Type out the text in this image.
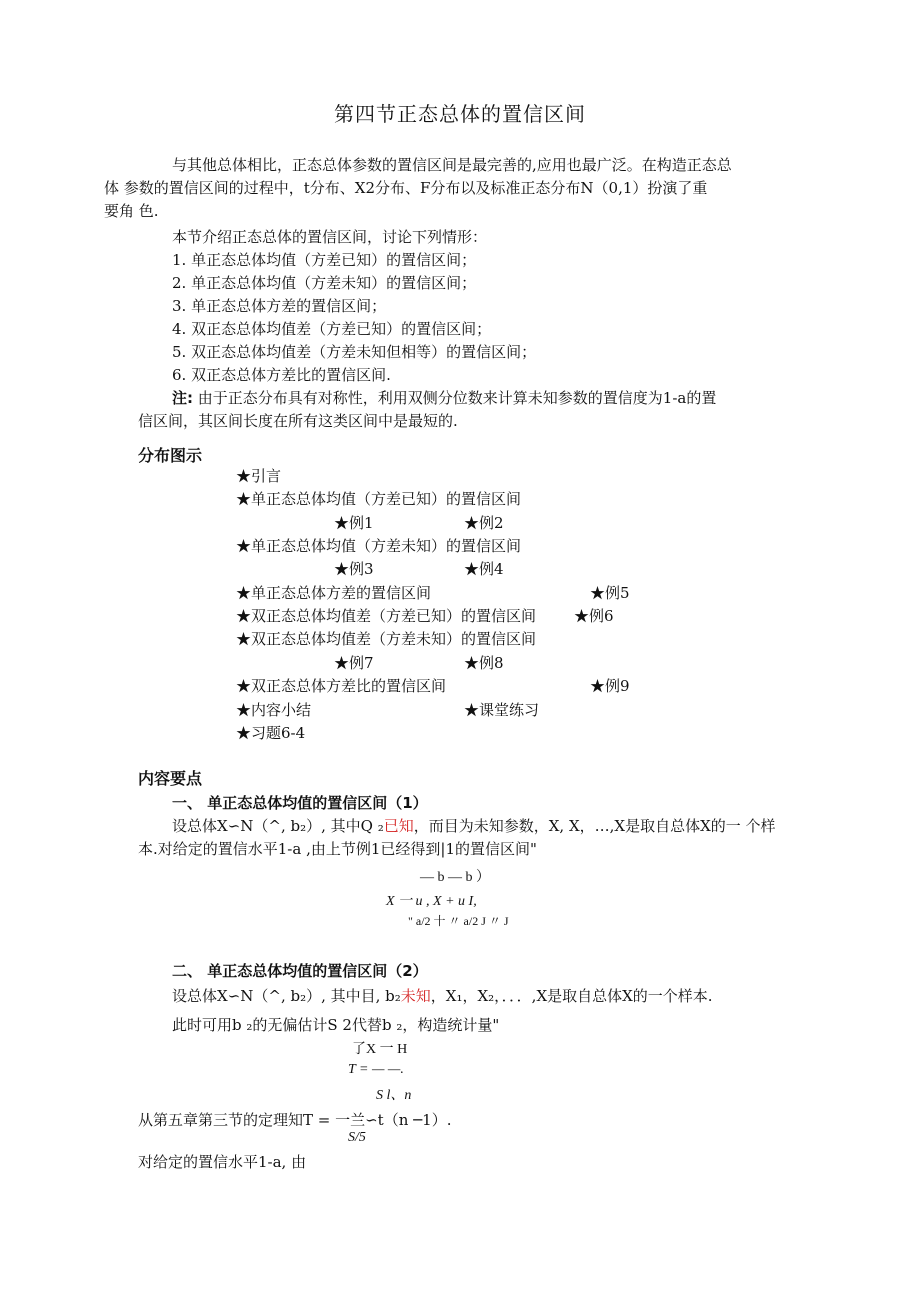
第四节正态总体的置信区间
与其他总体相比，正态总体参数的置信区间是最完善的,应用也最广泛。在构造正态总
体 参数的置信区间的过程中，t分布、X2分布、F分布以及标准正态分布N（0,1）扮演了重
要角 色.
本节介绍正态总体的置信区间，讨论下列情形：
1. 单正态总体均值（方差已知）的置信区间；
2. 单正态总体均值（方差未知）的置信区间；
3. 单正态总体方差的置信区间；
4. 双正态总体均值差（方差已知）的置信区间；
5. 双正态总体均值差（方差未知但相等）的置信区间；
6. 双正态总体方差比的置信区间.
注: 由于正态分布具有对称性，利用双侧分位数来计算未知参数的置信度为1-a的置
信区间，其区间长度在所有这类区间中是最短的.
分布图示
★引言
★单正态总体均值（方差已知）的置信区间
★例1	★例2
★单正态总体均值（方差未知）的置信区间
★例3	★例4
★单正态总体方差的置信区间	★例5
★双正态总体均值差（方差已知）的置信区间	★例6
★双正态总体均值差（方差未知）的置信区间
★例7	★例8
★双正态总体方差比的置信区间	★例9
★内容小结	★课堂练习
★习题6-4
内容要点
一、 单正态总体均值的置信区间（1）
设总体X∽N（^, b₂）, 其中Q ₂已知，而目为未知参数，X, X，…,X是取自总体X的一 个样
本.对给定的置信水平1-a ,由上节例1已经得到|1的置信区间"
— b — b ）
X 一 u , X + u I,
" a/2 十 〃 a/2 J 〃 J
二、 单正态总体均值的置信区间（2）
设总体X∽N（^, b₂）, 其中目, b₂未知，X₁，X₂，．．．,X是取自总体X的一个样本.
此时可用b ₂的无偏估计S 2代替b ₂，构造统计量"
了X 一 H
T = — —.
S l、n
从第五章第三节的定理知T = 一兰∽t（n ─1）.
S/5
对给定的置信水平1-a, 由
